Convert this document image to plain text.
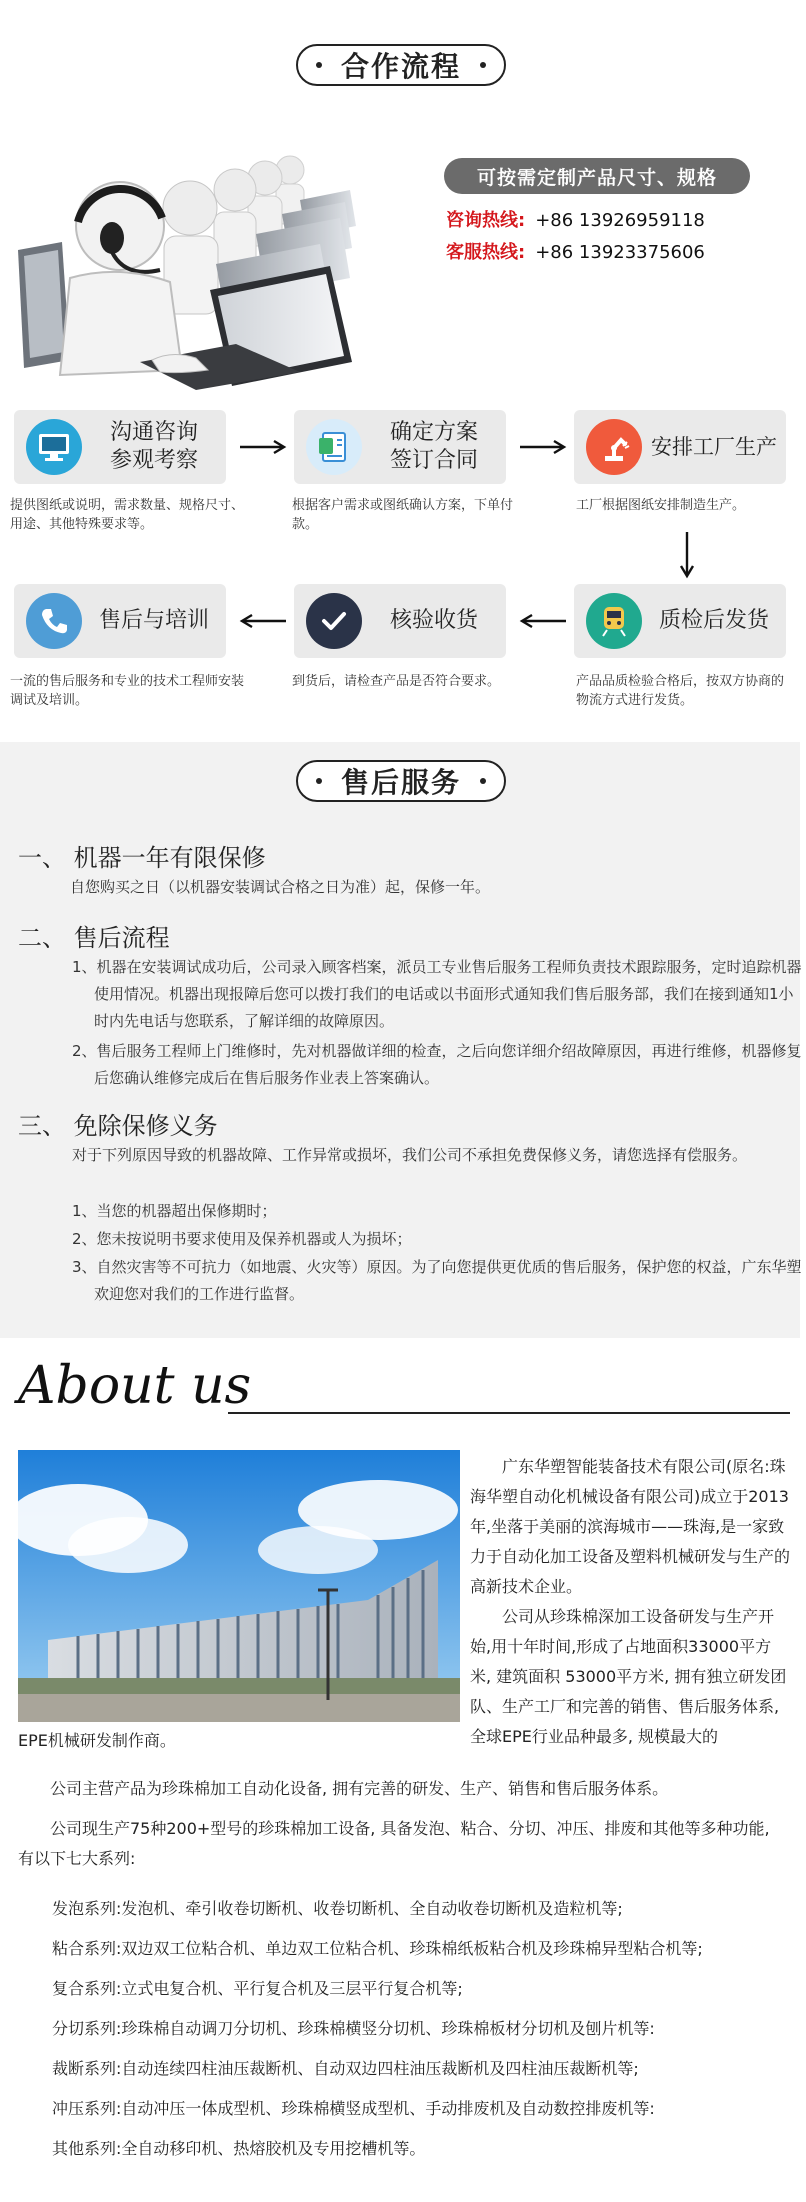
合作流程
可按需定制产品尺寸、规格
咨询热线: +86 13926959118
客服热线: +86 13923375606
沟通咨询
参观考察
确定方案
签订合同
安排工厂生产
提供图纸或说明，需求数量、规格尺寸、用途、其他特殊要求等。
根据客户需求或图纸确认方案，下单付款。
工厂根据图纸安排制造生产。
售后与培训	核验收货	质检后发货
一流的售后服务和专业的技术工程师安装调试及培训。
到货后，请检查产品是否符合要求。	产品品质检验合格后，按双方协商的物流方式进行发货。
售后服务
一、 机器一年有限保修
自您购买之日（以机器安装调试合格之日为准）起，保修一年。
二、 售后流程
1、机器在安装调试成功后，公司录入顾客档案，派员工专业售后服务工程师负责技术跟踪服务，定时追踪机器使用情况。机器出现报障后您可以拨打我们的电话或以书面形式通知我们售后服务部，我们在接到通知1小时内先电话与您联系，了解详细的故障原因。
2、售后服务工程师上门维修时，先对机器做详细的检查，之后向您详细介绍故障原因，再进行维修，机器修复后您确认维修完成后在售后服务作业表上答案确认。
三、 免除保修义务
对于下列原因导致的机器故障、工作异常或损坏，我们公司不承担免费保修义务，请您选择有偿服务。
1、当您的机器超出保修期时；
2、您未按说明书要求使用及保养机器或人为损坏；
3、自然灾害等不可抗力（如地震、火灾等）原因。为了向您提供更优质的售后服务，保护您的权益，广东华塑欢迎您对我们的工作进行监督。
About us
广东华塑智能装备技术有限公司(原名:珠海华塑自动化机械设备有限公司)成立于2013年,坐落于美丽的滨海城市——珠海,是一家致力于自动化加工设备及塑料机械研发与生产的高新技术企业。
公司从珍珠棉深加工设备研发与生产开始,用十年时间,形成了占地面积33000平方米, 建筑面积 53000平方米, 拥有独立研发团队、生产工厂和完善的销售、售后服务体系, 全球EPE行业品种最多, 规模最大的
EPE机械研发制作商。
公司主营产品为珍珠棉加工自动化设备, 拥有完善的研发、生产、销售和售后服务体系。
公司现生产75种200+型号的珍珠棉加工设备, 具备发泡、粘合、分切、冲压、排废和其他等多种功能, 有以下七大系列:
发泡系列:发泡机、牵引收卷切断机、收卷切断机、全自动收卷切断机及造粒机等;
粘合系列:双边双工位粘合机、单边双工位粘合机、珍珠棉纸板粘合机及珍珠棉异型粘合机等;
复合系列:立式电复合机、平行复合机及三层平行复合机等;
分切系列:珍珠棉自动调刀分切机、珍珠棉横竖分切机、珍珠棉板材分切机及刨片机等:
裁断系列:自动连续四柱油压裁断机、自动双边四柱油压裁断机及四柱油压裁断机等;
冲压系列:自动冲压一体成型机、珍珠棉横竖成型机、手动排废机及自动数控排废机等:
其他系列:全自动移印机、热熔胶机及专用挖槽机等。
